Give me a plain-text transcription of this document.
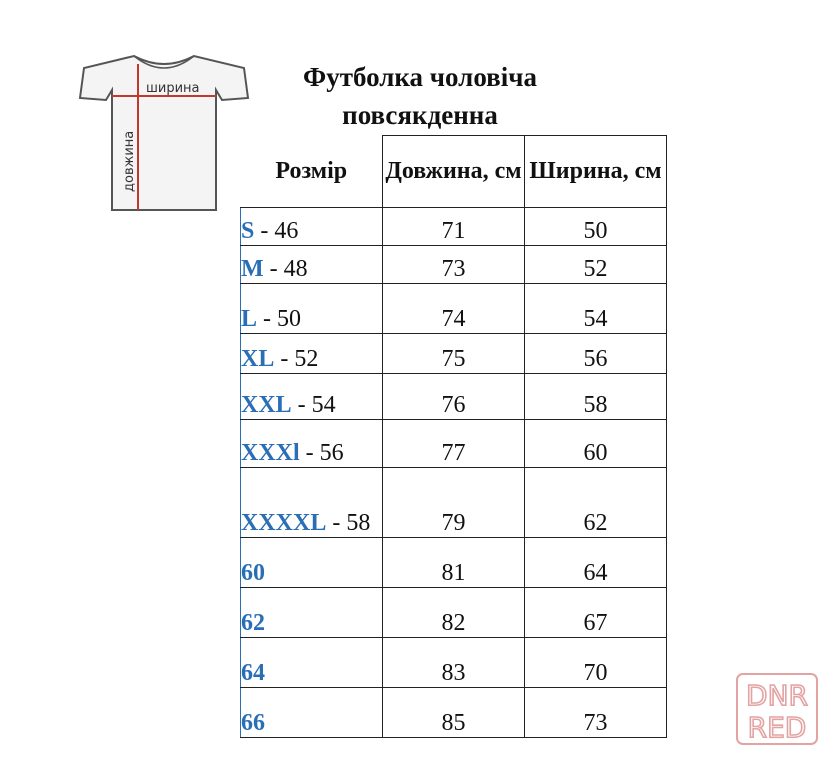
ширина
довжина
Футболка чоловіча
повсякденна
Розмір	Довжина, см	Ширина, см
S - 46	71	50
M - 48	73	52
L - 50	74	54
XL - 52	75	56
XXL - 54	76	58
XXXl - 56	77	60
XXXXL - 58	79	62
60	81	64
62	82	67
64	83	70
66	85	73
DNR
RED
